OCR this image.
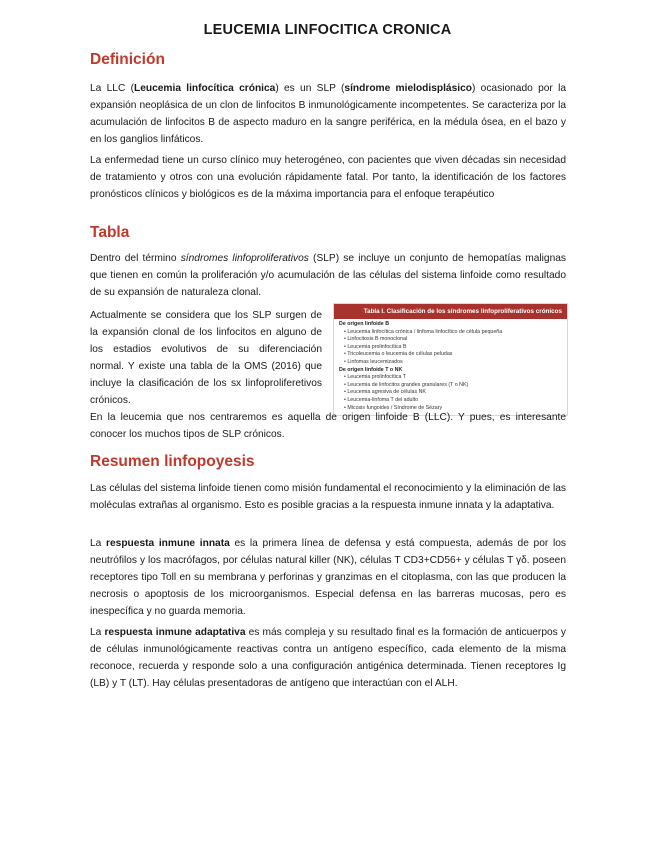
LEUCEMIA LINFOCITICA CRONICA
Definición

La LLC (Leucemia linfocítica crónica) es un SLP (síndrome mielodisplásico) ocasionado por la expansión neoplásica de un clon de linfocitos B inmunológicamente incompetentes. Se caracteriza por la acumulación de linfocitos B de aspecto maduro en la sangre periférica, en la médula ósea, en el bazo y en los ganglios linfáticos.

La enfermedad tiene un curso clínico muy heterogéneo, con pacientes que viven décadas sin necesidad de tratamiento y otros con una evolución rápidamente fatal. Por tanto, la identificación de los factores pronósticos clínicos y biológicos es de la máxima importancia para el enfoque terapéutico

Tabla

Dentro del término síndromes linfoproliferativos (SLP) se incluye un conjunto de hemopatías malignas que tienen en común la proliferación y/o acumulación de las células del sistema linfoide como resultado de su expansión de naturaleza clonal.

Actualmente se considera que los SLP surgen de la expansión clonal de los linfocitos en alguno de los estadios evolutivos de su diferenciación normal. Y existe una tabla de la OMS (2016) que incluye la clasificación de los sx linfoproliferetivos crónicos.

Tabla I. Clasificación de los síndromes linfoproliferativos crónicos
De origen linfoide B
• Leucemia linfocítica crónica / linfoma linfocítico de célula pequeña
• Linfocitosis B monoclonal
• Leucemia prolinfocítica B
• Tricoleucemia o leucemia de células peludas
• Linfomas leucemizados
De origen linfoide T o NK
• Leucemia prolinfocítica T
• Leucemia de linfocitos grandes granulares (T o NK)
• Leucemia agresiva de células NK
• Leucemia-linfoma T del adulto
• Micosis fungoides / Síndrome de Sézary

En la leucemia que nos centraremos es aquella de origen linfoide B (LLC). Y pues, es interesante conocer los muchos tipos de SLP crónicos.

Resumen linfopoyesis

Las células del sistema linfoide tienen como misión fundamental el reconocimiento y la eliminación de las moléculas extrañas al organismo. Esto es posible gracias a la respuesta inmune innata y la adaptativa.

La respuesta inmune innata es la primera línea de defensa y está compuesta, además de por los neutrófilos y los macrófagos, por células natural killer (NK), células T CD3+CD56+ y células T γδ. poseen receptores tipo Toll en su membrana y perforinas y granzimas en el citoplasma, con las que producen la necrosis o apoptosis de los microorganismos. Especial defensa en las barreras mucosas, pero es inespecífica y no guarda memoria.

La respuesta inmune adaptativa es más compleja y su resultado final es la formación de anticuerpos y de células inmunológicamente reactivas contra un antígeno específico, cada elemento de la misma reconoce, recuerda y responde solo a una configuración antigénica determinada. Tienen receptores Ig (LB) y T (LT). Hay células presentadoras de antígeno que interactúan con el ALH.
